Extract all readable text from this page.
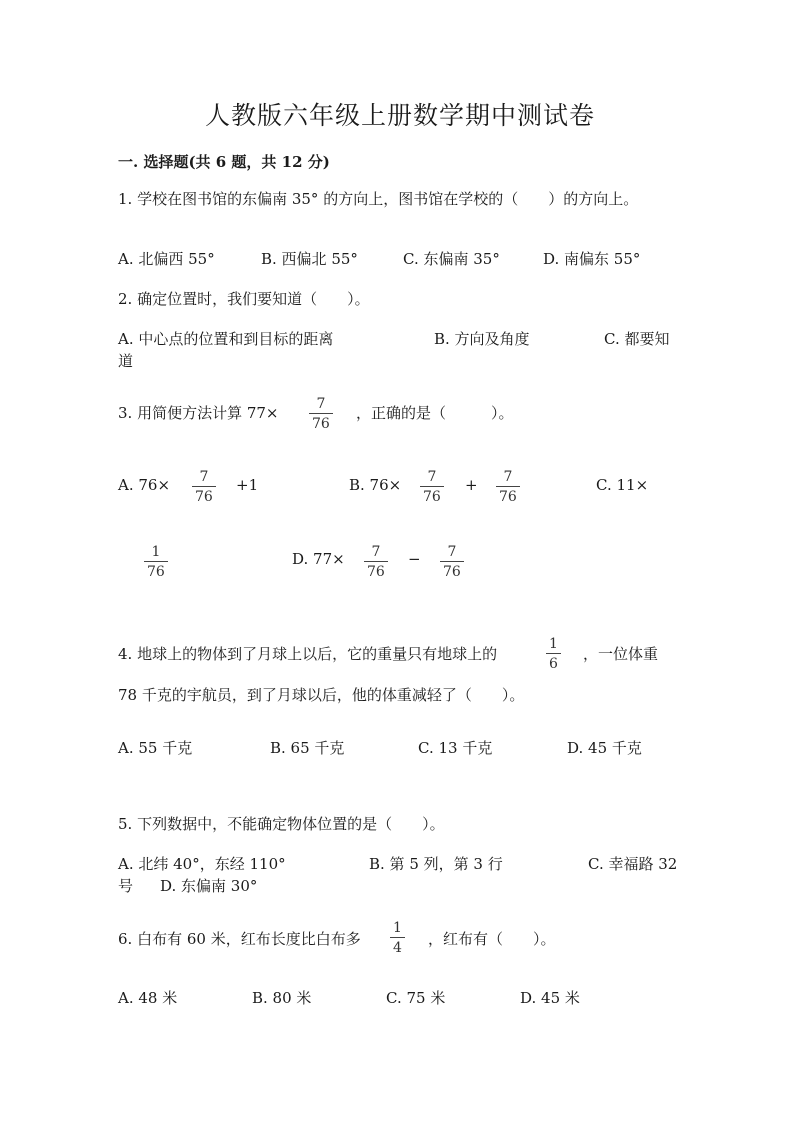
人教版六年级上册数学期中测试卷
一. 选择题(共 6 题，共 12 分)
1. 学校在图书馆的东偏南 35° 的方向上，图书馆在学校的（　　）的方向上。
A. 北偏西 55°	B. 西偏北 55°	C. 东偏南 35°	D. 南偏东 55°
2. 确定位置时，我们要知道（　　）。
A. 中心点的位置和到目标的距离	B. 方向及角度	C. 都要知
道
3. 用简便方法计算 77×	7
76
，正确的是（　　　）。
A. 76× 7
76
+1	B. 76× 7
76
+ 7
76
C. 11×
1
76
D. 77× 7
76
− 7
76
4. 地球上的物体到了月球上以后，它的重量只有地球上的
1
6
，一位体重
78 千克的宇航员，到了月球以后，他的体重减轻了（　　）。
A. 55 千克	B. 65 千克	C. 13 千克	D. 45 千克
5. 下列数据中，不能确定物体位置的是（　　）。
A. 北纬 40°，东经 110°	B. 第 5 列，第 3 行	C. 幸福路 32
号 D. 东偏南 30°
6. 白布有 60 米，红布长度比白布多
1
4 ，红布有（　　）。
A. 48 米	B. 80 米	C. 75 米	D. 45 米
